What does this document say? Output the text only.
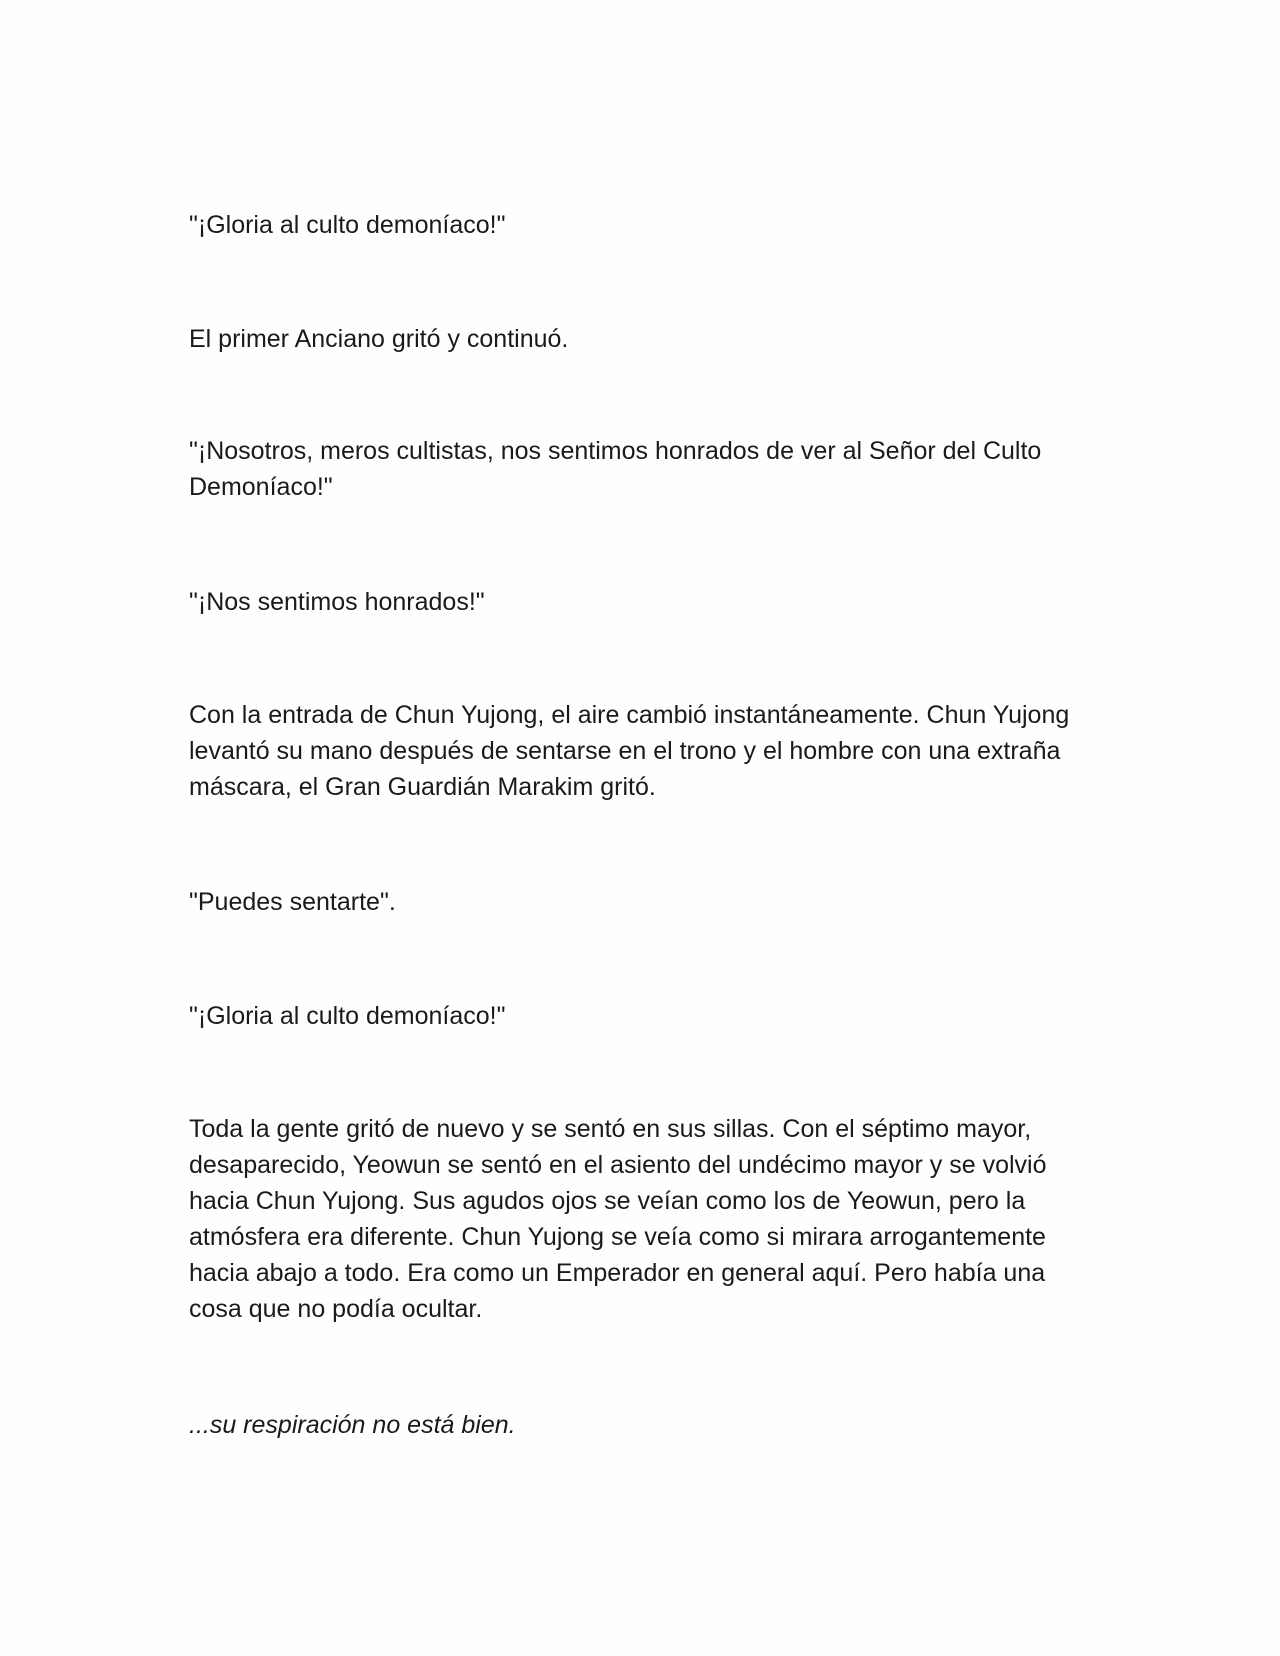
"¡Gloria al culto demoníaco!"

El primer Anciano gritó y continuó.

"¡Nosotros, meros cultistas, nos sentimos honrados de ver al Señor del Culto Demoníaco!"

"¡Nos sentimos honrados!"

Con la entrada de Chun Yujong, el aire cambió instantáneamente. Chun Yujong levantó su mano después de sentarse en el trono y el hombre con una extraña máscara, el Gran Guardián Marakim gritó.

"Puedes sentarte".

"¡Gloria al culto demoníaco!"

Toda la gente gritó de nuevo y se sentó en sus sillas. Con el séptimo mayor, desaparecido, Yeowun se sentó en el asiento del undécimo mayor y se volvió hacia Chun Yujong. Sus agudos ojos se veían como los de Yeowun, pero la atmósfera era diferente. Chun Yujong se veía como si mirara arrogantemente hacia abajo a todo. Era como un Emperador en general aquí. Pero había una cosa que no podía ocultar.

...su respiración no está bien.
